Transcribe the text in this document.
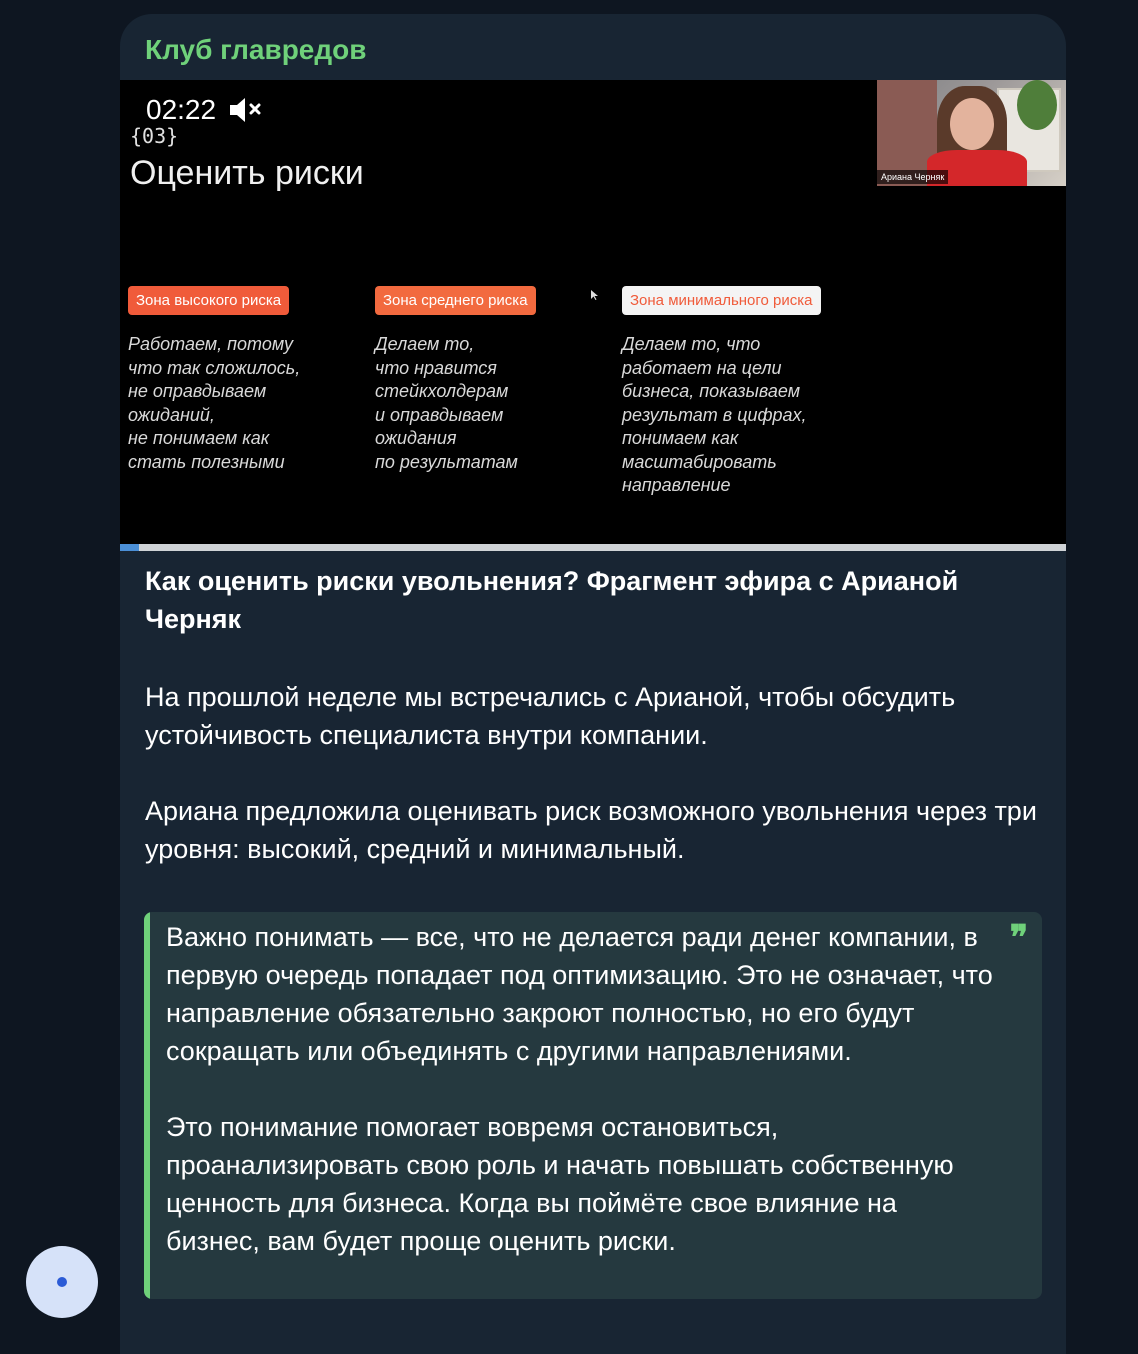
Клуб главредов
02:22
{03}
Оценить риски	Ариана Черняк
Зона высокого риска
Работаем, потому
что так сложилось,
не оправдываем
ожиданий,
не понимаем как
стать полезными
Зона среднего риска
Делаем то,
что нравится
стейкхолдерам
и оправдываем
ожидания
по результатам
Зона минимального риска
Делаем то, что
работает на цели
бизнеса, показываем
результат в цифрах,
понимаем как
масштабировать
направление
Как оценить риски увольнения? Фрагмент эфира с Арианой Черняк
На прошлой неделе мы встречались с Арианой, чтобы обсудить устойчивость специалиста внутри компании.
Ариана предложила оценивать риск возможного увольнения через три уровня: высокий, средний и минимальный.

Важно понимать — все, что не делается ради денег компании, в первую очередь попадает под оптимизацию. Это не означает, что направление обязательно закроют полностью, но его будут сокращать или объединять с другими направлениями.

Это понимание помогает вовремя остановиться, проанализировать свою роль и начать повышать собственную ценность для бизнеса. Когда вы поймёте свое влияние на бизнес, вам будет проще оценить риски.

❞
